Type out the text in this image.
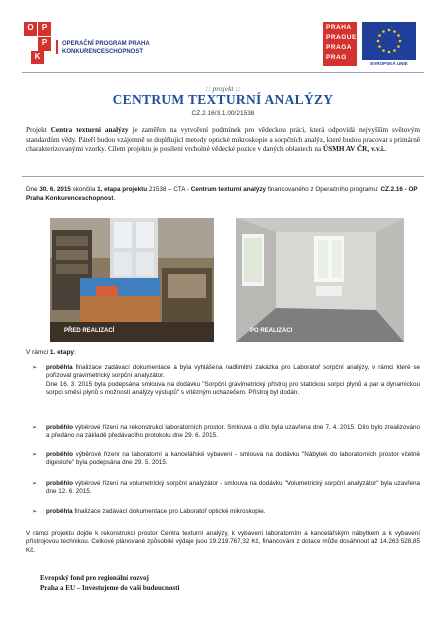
O	P
P
K
OPERAČNÍ PROGRAM PRAHA
KONKURENCESCHOPNOST
PRAHA
PRAGUE
PRAGA
PRAG
EVROPSKÁ UNIE
:: projekt ::
CENTRUM TEXTURNÍ ANALÝZY
CZ.2.16/3.1.00/21538
Projekt Centra texturní analýzy je zaměřen na vytvoření podmínek pro vědeckou práci, která odpovídá nejvyšším světovým standardům vědy. Páteří budou vzájemně se doplňující metody optické mikroskopie a sorpčních analýz, které budou pracovat s primárně charakterizovanými vzorky. Cílem projektu je posílení vrcholné vědecké pozice v daných oblastech na ÚSMH AV ČR, v.v.i..
Dne 30. 6. 2015 skončila 1. etapa projektu 21538 – CTA - Centrum texturní analýzy financovaného z Operačního programu: CZ.2.16 - OP Praha Konkurenceschopnost.
PŘED REALIZACÍ	PO REALIZACI
V rámci 1. etapy:
➢ proběhla finalizace zadávací dokumentace a byla vyhlášena nadlimitní zakázka pro Laboratoř sorpční analýzy, v rámci které se pořizoval gravimetrický sorpční analyzátor.
Dne 16. 3. 2015 byla podepsána smlouva na dodávku "Sorpční gravimetrický přístroj pro statickou sorpci plynů a par a dynamickou sorpci směsí plynů s možností analýzy výstupů" s vítězným uchazečem. Přístroj byl dodán.
➢ proběhlo výběrové řízení na rekonstrukci laboratorních prostor. Smlouva o dílo byla uzavřena dne 7. 4. 2015. Dílo bylo zrealizováno a předáno na základě předávacího protokolu dne 29. 6. 2015.
➢ proběhlo výběrové řízení na laboratorní a kancelářské vybavení - smlouva na dodávku "Nábytek do laboratorních prostor včetně digestoře" byla podepsána dne 29. 5. 2015.
➢ proběhlo výběrové řízení na volumetrický sorpční analyzátor - smlouva na dodávku "Volumetrický sorpční analyzátor" byla uzavřena dne 12. 6. 2015.
➢ proběhla finalizace zadávací dokumentace pro Laboratoř optické mikroskopie.
V rámci projektu dojde k rekonstrukci prostor Centra texturní analýzy, k vybavení laboratorním a kancelářským nábytkem a k vybavení přístrojovou technikou. Celkové plánované způsobilé výdaje jsou 19.219.767,32 Kč, financování z dotace může dosáhnout až 14.263 528,85 Kč.
Evropský fond pro regionální rozvoj
Praha a EU – Investujeme do vaší budoucnosti
